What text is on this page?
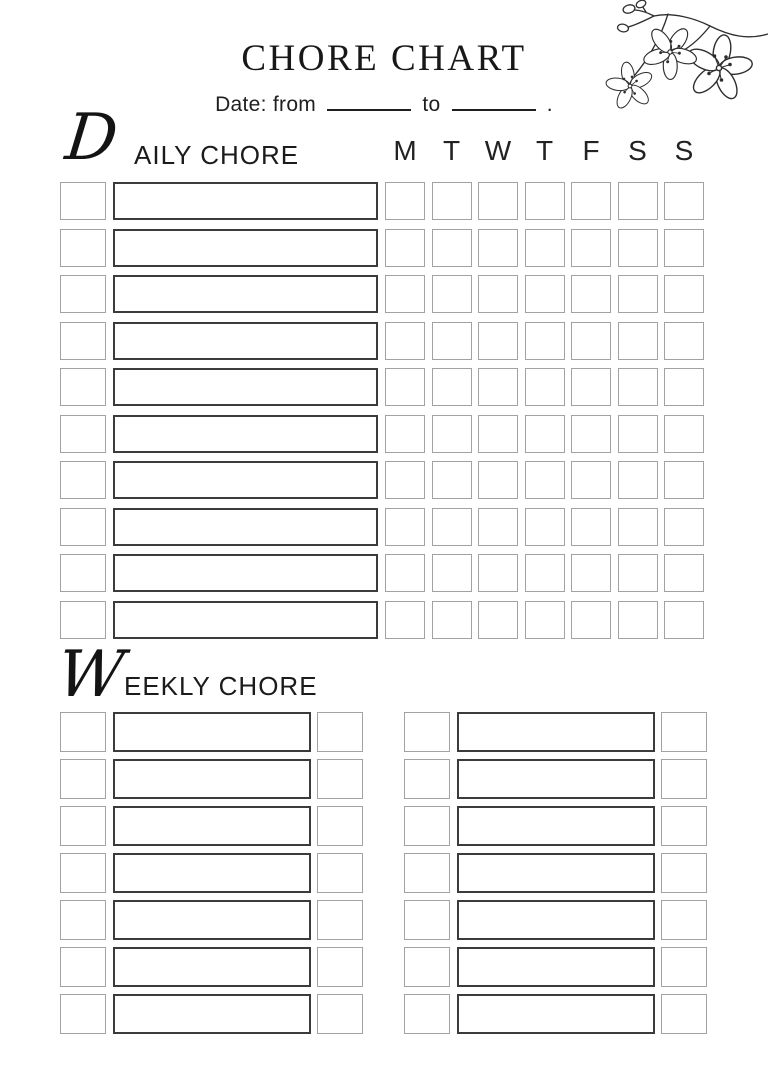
CHORE CHART
Date: from	to	.
D AILY CHORE	M T W T	F	S S
W
EEKLY CHORE
